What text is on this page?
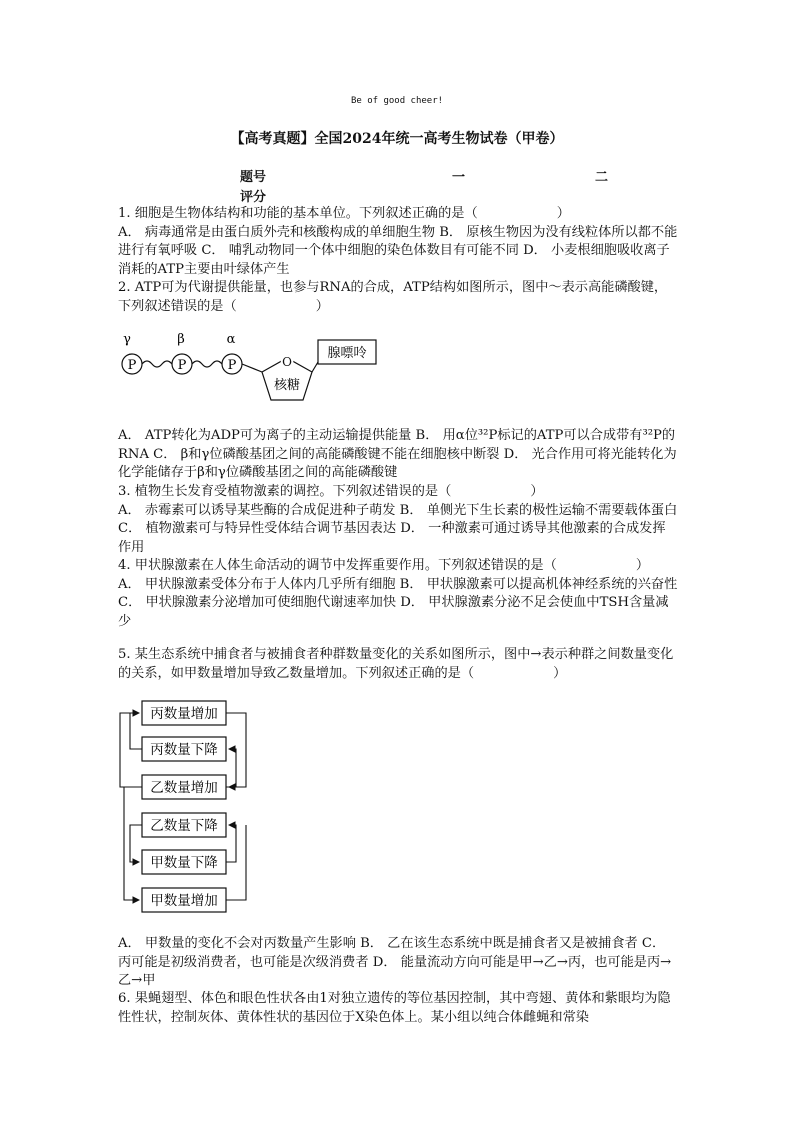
Be of good cheer!
【高考真题】全国2024年统一高考生物试卷（甲卷）
题号	一	二
评分

1. 细胞是生物体结构和功能的基本单位。下列叙述正确的是（　　　　　　）

A． 病毒通常是由蛋白质外壳和核酸构成的单细胞生物 B． 原核生物因为没有线粒体所以都不能进行有氧呼吸 C． 哺乳动物同一个体中细胞的染色体数目有可能不同 D． 小麦根细胞吸收离子消耗的ATP主要由叶绿体产生

2. ATP可为代谢提供能量，也参与RNA的合成，ATP结构如图所示，图中～表示高能磷酸键，下列叙述错误的是（　　　　　　）

γ	β	α
P	P	P	O
核糖
腺嘌呤

A． ATP转化为ADP可为离子的主动运输提供能量 B． 用α位³²P标记的ATP可以合成带有³²P的RNA C． β和γ位磷酸基团之间的高能磷酸键不能在细胞核中断裂 D． 光合作用可将光能转化为化学能储存于β和γ位磷酸基团之间的高能磷酸键

3. 植物生长发育受植物激素的调控。下列叙述错误的是（　　　　　　）

A． 赤霉素可以诱导某些酶的合成促进种子萌发 B． 单侧光下生长素的极性运输不需要载体蛋白 C． 植物激素可与特异性受体结合调节基因表达 D． 一种激素可通过诱导其他激素的合成发挥作用

4. 甲状腺激素在人体生命活动的调节中发挥重要作用。下列叙述错误的是（　　　　　　）

A． 甲状腺激素受体分布于人体内几乎所有细胞 B． 甲状腺激素可以提高机体神经系统的兴奋性 C． 甲状腺激素分泌增加可使细胞代谢速率加快 D． 甲状腺激素分泌不足会使血中TSH含量减少

5. 某生态系统中捕食者与被捕食者种群数量变化的关系如图所示，图中→表示种群之间数量变化的关系，如甲数量增加导致乙数量增加。下列叙述正确的是（　　　　　　）

丙数量增加
丙数量下降
乙数量增加
乙数量下降
甲数量下降
甲数量增加

A． 甲数量的变化不会对丙数量产生影响 B． 乙在该生态系统中既是捕食者又是被捕食者 C． 丙可能是初级消费者，也可能是次级消费者 D． 能量流动方向可能是甲→乙→丙，也可能是丙→乙→甲

6. 果蝇翅型、体色和眼色性状各由1对独立遗传的等位基因控制，其中弯翅、黄体和紫眼均为隐性性状，控制灰体、黄体性状的基因位于X染色体上。某小组以纯合体雌蝇和常染
